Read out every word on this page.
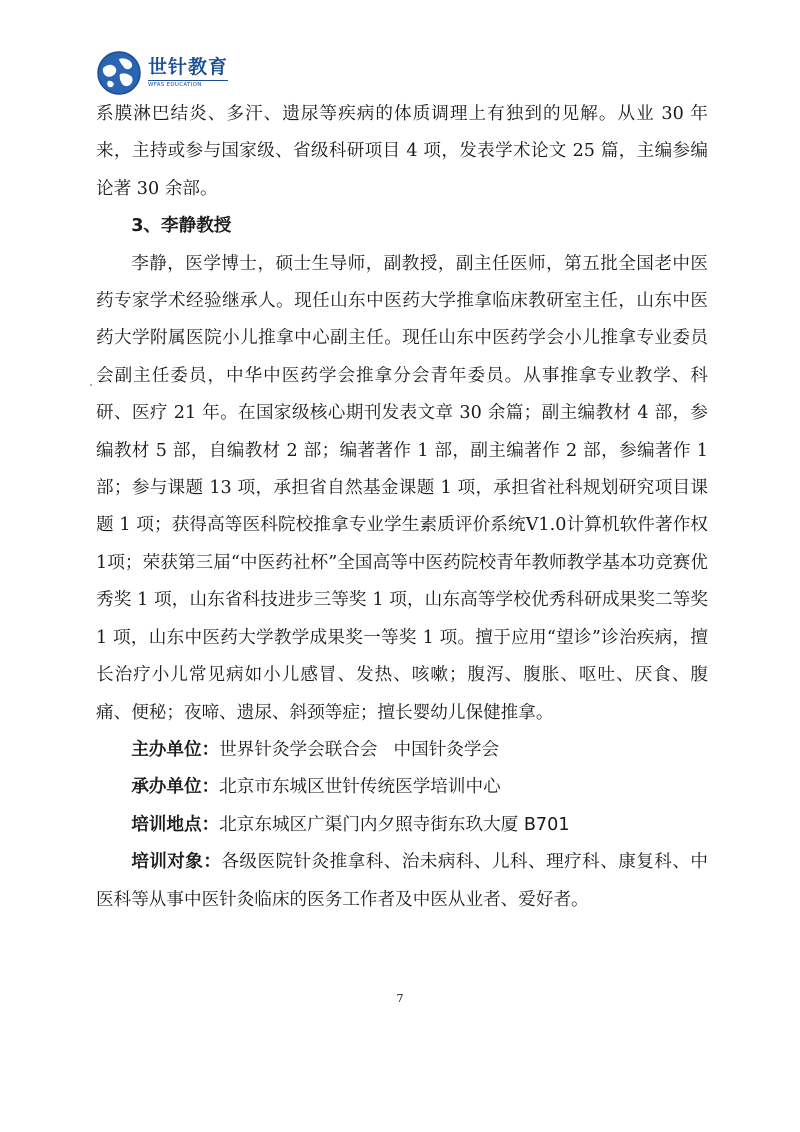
世针教育
WFAS EDUCATION

系膜淋巴结炎、多汗、遗尿等疾病的体质调理上有独到的见解。从业 30 年来，主持或参与国家级、省级科研项目 4 项，发表学术论文 25 篇，主编参编论著 30 余部。

3、李静教授

李静，医学博士，硕士生导师，副教授，副主任医师，第五批全国老中医药专家学术经验继承人。现任山东中医药大学推拿临床教研室主任，山东中医药大学附属医院小儿推拿中心副主任。现任山东中医药学会小儿推拿专业委员会副主任委员，中华中医药学会推拿分会青年委员。从事推拿专业教学、科研、医疗 21 年。在国家级核心期刊发表文章 30 余篇；副主编教材 4 部，参编教材 5 部，自编教材 2 部；编著著作 1 部，副主编著作 2 部，参编著作 1 部；参与课题 13 项，承担省自然基金课题 1 项，承担省社科规划研究项目课题 1 项；获得高等医科院校推拿专业学生素质评价系统V1.0计算机软件著作权1项；荣获第三届“中医药社杯”全国高等中医药院校青年教师教学基本功竞赛优秀奖 1 项，山东省科技进步三等奖 1 项，山东高等学校优秀科研成果奖二等奖 1 项，山东中医药大学教学成果奖一等奖 1 项。擅于应用“望诊”诊治疾病，擅长治疗小儿常见病如小儿感冒、发热、咳嗽；腹泻、腹胀、呕吐、厌食、腹痛、便秘；夜啼、遗尿、斜颈等症；擅长婴幼儿保健推拿。

主办单位：世界针灸学会联合会 中国针灸学会

承办单位：北京市东城区世针传统医学培训中心

培训地点：北京东城区广渠门内夕照寺街东玖大厦 B701

培训对象：各级医院针灸推拿科、治未病科、儿科、理疗科、康复科、中医科等从事中医针灸临床的医务工作者及中医从业者、爱好者。

7
